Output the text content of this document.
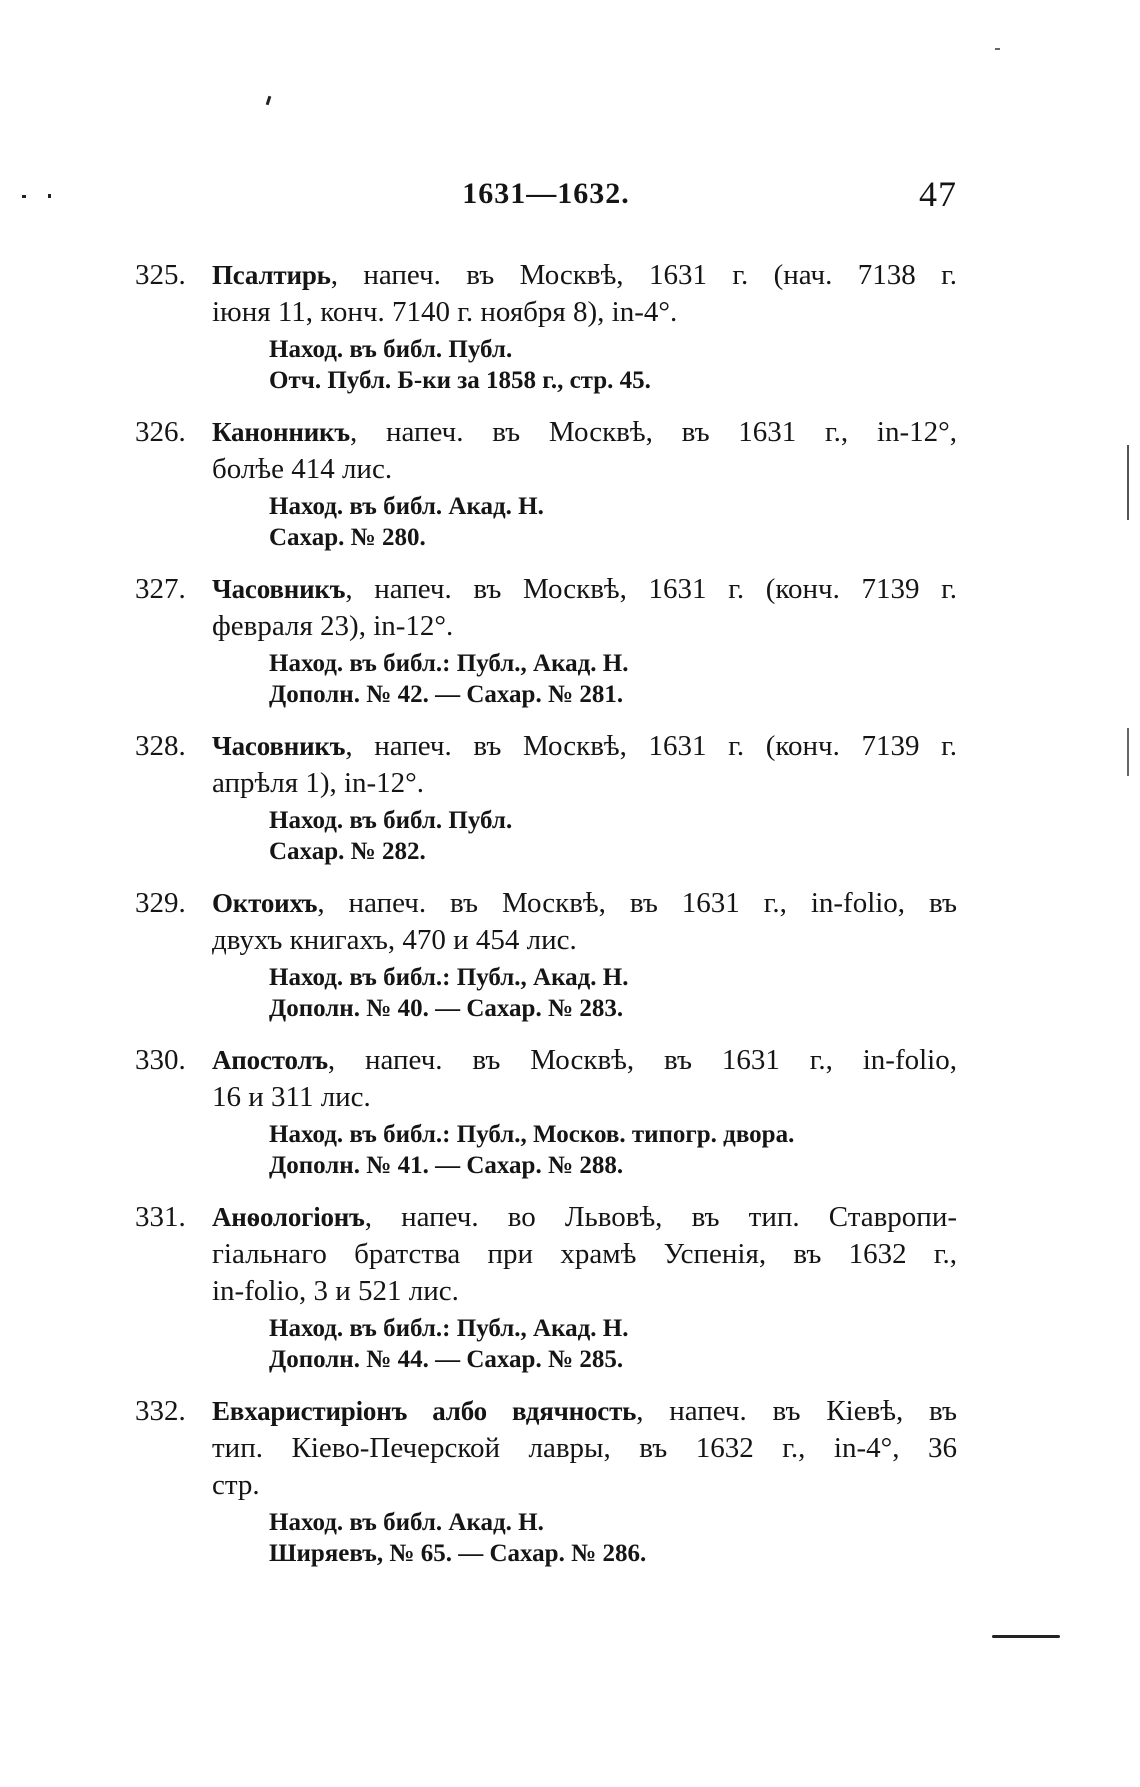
1631—1632.	47
325. Псалтирь, напеч. въ Москвѣ, 1631 г. (нач. 7138 г.
іюня 11, конч. 7140 г. ноября 8), in-4°.
Наход. въ библ. Публ.
Отч. Публ. Б-ки за 1858 г., стр. 45.
326. Канонникъ, напеч. въ Москвѣ, въ 1631 г., in-12°,
болѣе 414 лис.
Наход. въ библ. Акад. Н.
Сахар. № 280.
327. Часовникъ, напеч. въ Москвѣ, 1631 г. (конч. 7139 г.
февраля 23), in-12°.
Наход. въ библ.: Публ., Акад. Н.
Дополн. № 42. — Сахар. № 281.
328. Часовникъ, напеч. въ Москвѣ, 1631 г. (конч. 7139 г.
апрѣля 1), in-12°.
Наход. въ библ. Публ.
Сахар. № 282.
329. Октоихъ, напеч. въ Москвѣ, въ 1631 г., in-folio, въ
двухъ книгахъ, 470 и 454 лис.
Наход. въ библ.: Публ., Акад. Н.
Дополн. № 40. — Сахар. № 283.
330. Апостолъ, напеч. въ Москвѣ, въ 1631 г., in-folio,
16 и 311 лис.
Наход. въ библ.: Публ., Москов. типогр. двора.
Дополн. № 41. — Сахар. № 288.
331. Анѳологіонъ, напеч. во Львовѣ, въ тип. Ставропи-
гіальнаго братства при храмѣ Успенія, въ 1632 г.,
in-folio, 3 и 521 лис.
Наход. въ библ.: Публ., Акад. Н.
Дополн. № 44. — Сахар. № 285.
332. Евхаристиріонъ албо вдячность, напеч. въ Кіевѣ, въ
тип. Кіево-Печерской лавры, въ 1632 г., in-4°, 36
стр.
Наход. въ библ. Акад. Н.
Ширяевъ, № 65. — Сахар. № 286.
